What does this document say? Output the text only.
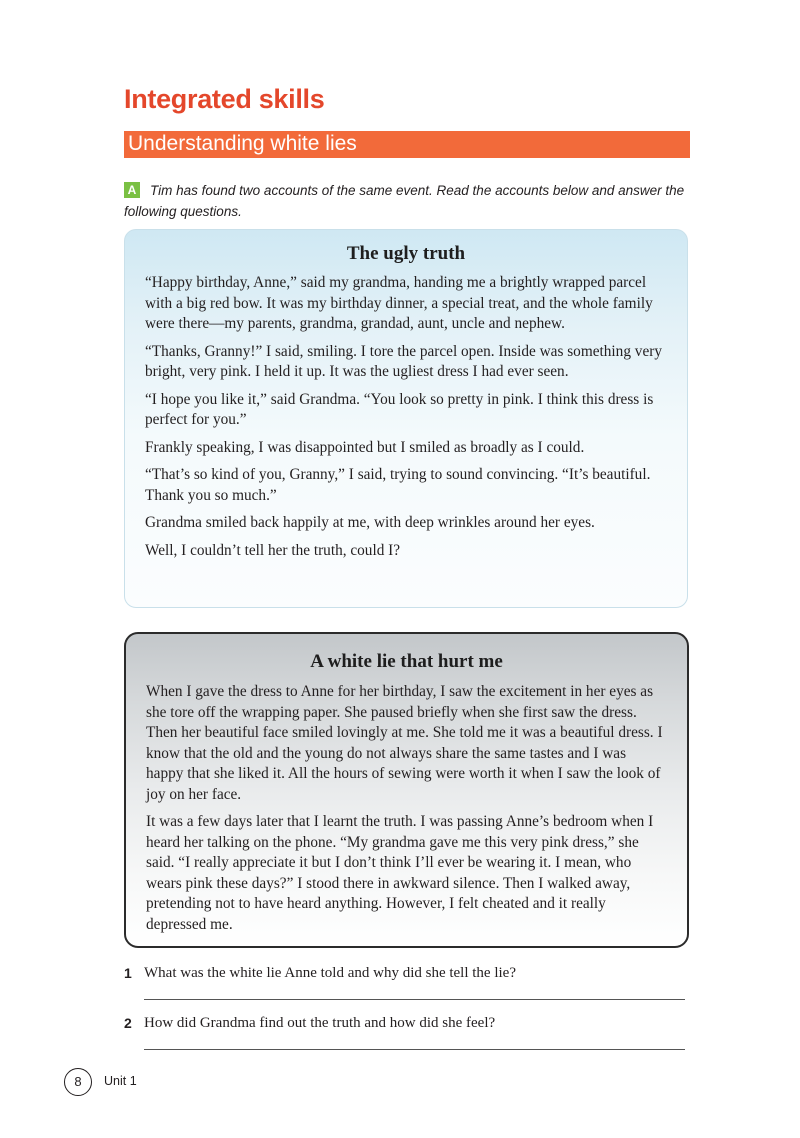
Integrated skills
Understanding white lies
A Tim has found two accounts of the same event. Read the accounts below and answer the following questions.
The ugly truth

“Happy birthday, Anne,” said my grandma, handing me a brightly wrapped parcel with a big red bow. It was my birthday dinner, a special treat, and the whole family were there—my parents, grandma, grandad, aunt, uncle and nephew.

“Thanks, Granny!” I said, smiling. I tore the parcel open. Inside was something very bright, very pink. I held it up. It was the ugliest dress I had ever seen.

“I hope you like it,” said Grandma. “You look so pretty in pink. I think this dress is perfect for you.”

Frankly speaking, I was disappointed but I smiled as broadly as I could.

“That’s so kind of you, Granny,” I said, trying to sound convincing. “It’s beautiful. Thank you so much.”

Grandma smiled back happily at me, with deep wrinkles around her eyes.

Well, I couldn’t tell her the truth, could I?

A white lie that hurt me

When I gave the dress to Anne for her birthday, I saw the excitement in her eyes as she tore off the wrapping paper. She paused briefly when she first saw the dress. Then her beautiful face smiled lovingly at me. She told me it was a beautiful dress. I know that the old and the young do not always share the same tastes and I was happy that she liked it. All the hours of sewing were worth it when I saw the look of joy on her face.

It was a few days later that I learnt the truth. I was passing Anne’s bedroom when I heard her talking on the phone. “My grandma gave me this very pink dress,” she said. “I really appreciate it but I don’t think I’ll ever be wearing it. I mean, who wears pink these days?” I stood there in awkward silence. Then I walked away, pretending not to have heard anything. However, I felt cheated and it really depressed me.

1 What was the white lie Anne told and why did she tell the lie?
2 How did Grandma find out the truth and how did she feel?
8	Unit 1
